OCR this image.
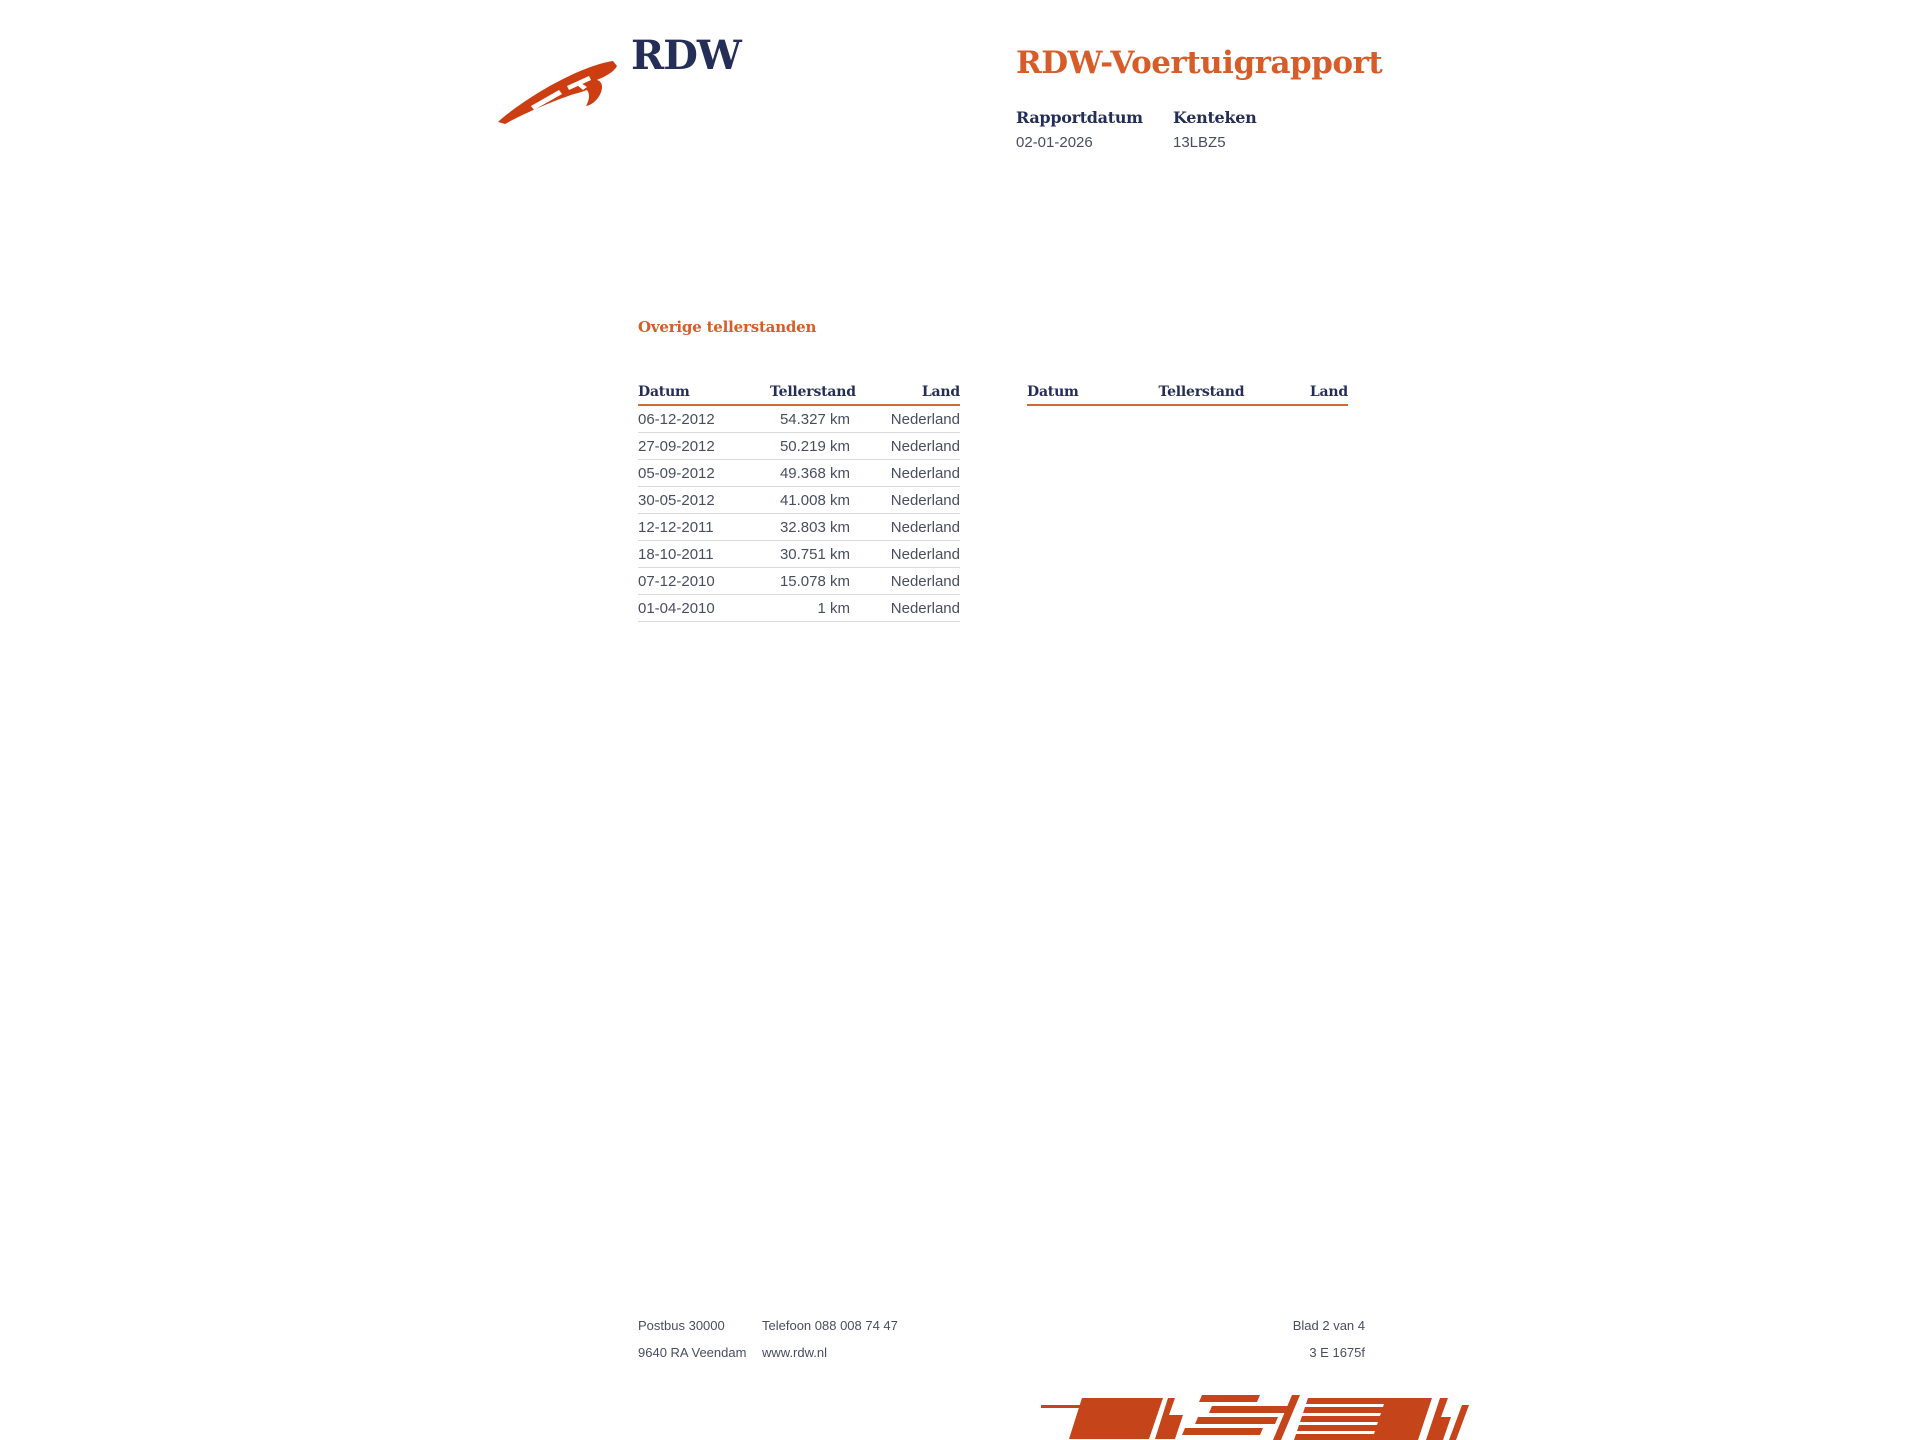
RDW	RDW-Voertuigrapport
Rapportdatum
02-01-2026
Kenteken
13LBZ5
Overige tellerstanden
Datum	Tellerstand	Land
06-12-2012	54.327 km	Nederland
27-09-2012	50.219 km	Nederland
05-09-2012	49.368 km	Nederland
30-05-2012	41.008 km	Nederland
12-12-2011	32.803 km	Nederland
18-10-2011	30.751 km	Nederland
07-12-2010	15.078 km	Nederland
01-04-2010	1 km	Nederland
Datum	Tellerstand	Land
Postbus 30000
9640 RA Veendam
Telefoon 088 008 74 47
www.rdw.nl
Blad 2 van 4
3 E 1675f
